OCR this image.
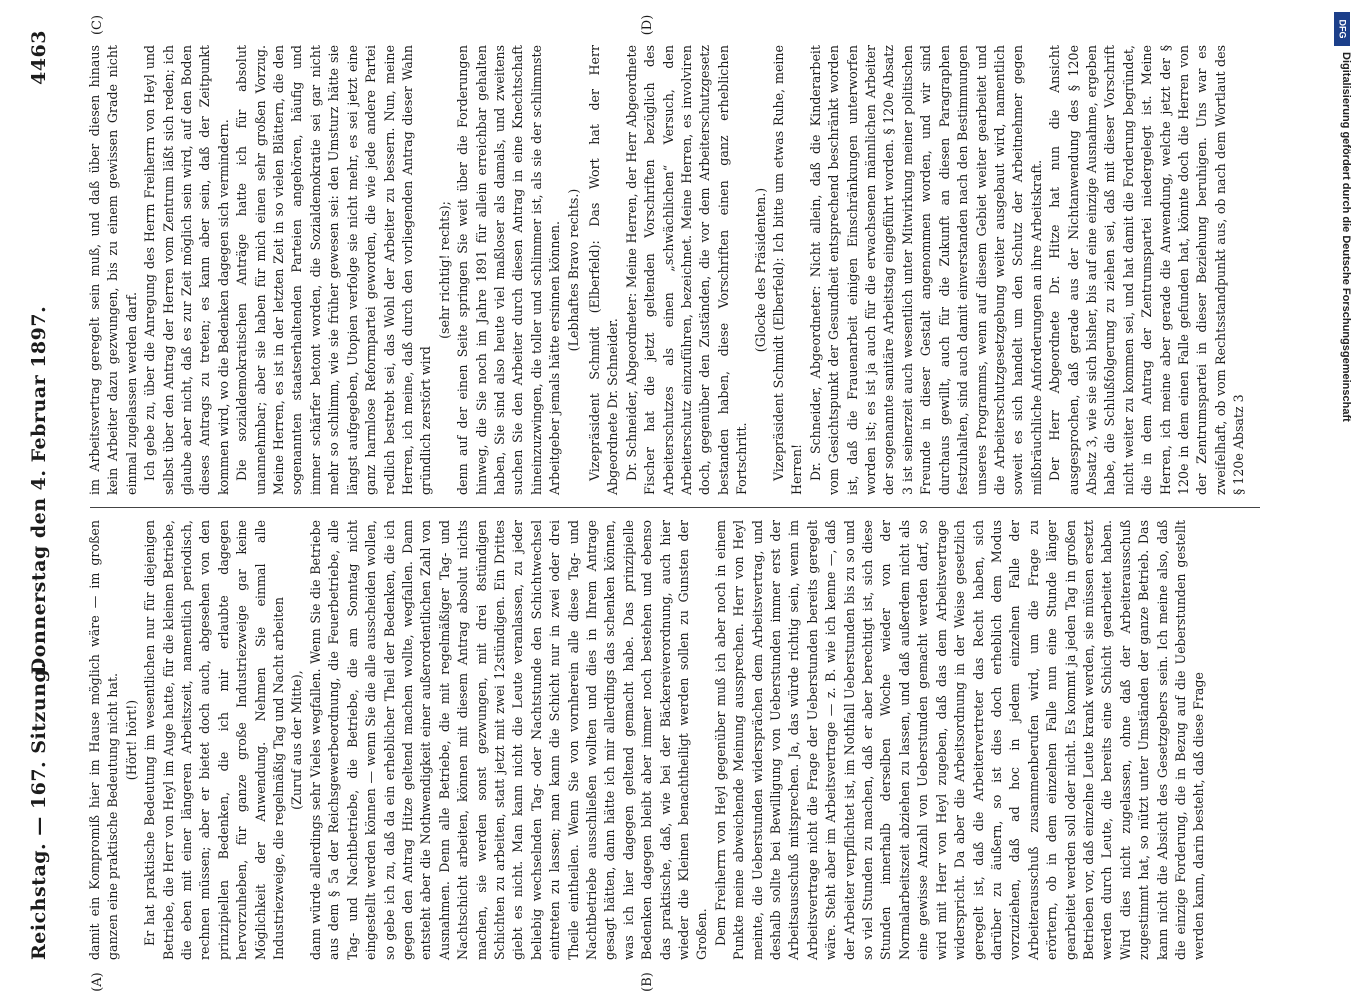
Reichstag. — 167. Sitzung.
Donnerstag den 4. Februar 1897.
4463
(A)	(B)
(C)	(D)

damit ein Kompromiß hier im Hause möglich wäre — im großen ganzen eine praktische Bedeutung nicht hat. (Hört! hört!) Er hat praktische Bedeutung im wesentlichen nur für diejenigen Betriebe, die Herr von Heyl im Auge hatte, für die kleinen Betriebe, die eben mit einer längeren Arbeitszeit, namentlich periodisch, rechnen müssen; aber er bietet doch auch, abgesehen von den prinzipiellen Bedenken, die ich mir erlaubte dagegen hervorzuheben, für ganze große Industriezweige gar keine Möglichkeit der Anwendung. Nehmen Sie einmal alle Industriezweige, die regelmäßig Tag und Nacht arbeiten (Zuruf aus der Mitte), dann würde allerdings sehr Vieles wegfallen. Wenn Sie die Betriebe aus dem § 5a der Reichsgewerbeordnung, die Feuerbetriebe, alle Tag- und Nachtbetriebe, die Betriebe, die am Sonntag nicht eingestellt werden können — wenn Sie die alle ausscheiden wollen, so gebe ich zu, daß da ein erheblicher Theil der Bedenken, die ich gegen den Antrag Hitze geltend machen wollte, wegfallen. Dann entsteht aber die Nothwendigkeit einer außerordentlichen Zahl von Ausnahmen. Denn alle Betriebe, die mit regelmäßiger Tag- und Nachtschicht arbeiten, können mit diesem Antrag absolut nichts machen, sie werden sonst gezwungen, mit drei 8stündigen Schichten zu arbeiten, statt jetzt mit zwei 12stündigen. Ein Drittes giebt es nicht. Man kann nicht die Leute veranlassen, zu jeder beliebig wechselnden Tag- oder Nachtstunde den Schichtwechsel eintreten zu lassen; man kann die Schicht nur in zwei oder drei Theile eintheilen. Wenn Sie von vornherein alle diese Tag- und Nachtbetriebe ausschließen wollten und dies in Ihrem Antrage gesagt hätten, dann hätte ich mir allerdings das schenken können, was ich hier dagegen geltend gemacht habe. Das prinzipielle Bedenken dagegen bleibt aber immer noch bestehen und ebenso das praktische, daß, wie bei der Bäckereiverordnung, auch hier wieder die Kleinen benachtheiligt werden sollen zu Gunsten der Großen. Dem Freiherrn von Heyl gegenüber muß ich aber noch in einem Punkte meine abweichende Meinung aussprechen. Herr von Heyl meinte, die Ueberstunden widersprächen dem Arbeitsvertrag, und deshalb sollte bei Bewilligung von Ueberstunden immer erst der Arbeitsausschuß mitsprechen. Ja, das würde richtig sein, wenn im Arbeitsvertrage nicht die Frage der Ueberstunden bereits geregelt wäre. Steht aber im Arbeitsvertrage — z. B. wie ich kenne —, daß der Arbeiter verpflichtet ist, im Nothfall Ueberstunden bis zu so und so viel Stunden zu machen, daß er aber berechtigt ist, sich diese Stunden innerhalb derselben Woche wieder von der Normalarbeitszeit abziehen zu lassen, und daß außerdem nicht als eine gewisse Anzahl von Ueberstunden gemacht werden darf, so wird mit Herr von Heyl zugeben, daß das dem Arbeitsvertrage widerspricht. Da aber die Arbeitsordnung in der Weise gesetzlich geregelt ist, daß die Arbeitervertreter das Recht haben, sich darüber zu äußern, so ist dies doch erheblich dem Modus vorzuziehen, daß ad hoc in jedem einzelnen Falle der Arbeiterausschuß zusammenberufen wird, um die Frage zu erörtern, ob in dem einzelnen Falle nun eine Stunde länger gearbeitet werden soll oder nicht. Es kommt ja jeden Tag in großen Betrieben vor, daß einzelne Leute krank werden, sie müssen ersetzt werden durch Leute, die bereits eine Schicht gearbeitet haben. Wird dies nicht zugelassen, ohne daß der Arbeiterausschuß zugestimmt hat, so nützt unter Umständen der ganze Betrieb. Das kann nicht die Absicht des Gesetzgebers sein. Ich meine also, daß die einzige Forderung, die in Bezug auf die Ueberstunden gestellt werden kann, darin besteht, daß diese Frage

im Arbeitsvertrag geregelt sein muß, und daß über diesen hinaus kein Arbeiter dazu gezwungen, bis zu einem gewissen Grade nicht einmal zugelassen werden darf. Ich gebe zu, über die Anregung des Herrn Freiherrn von Heyl und selbst über den Antrag der Herren vom Zentrum läßt sich reden; ich glaube aber nicht, daß es zur Zeit möglich sein wird, auf den Boden dieses Antrags zu treten; es kann aber sein, daß der Zeitpunkt kommen wird, wo die Bedenken dagegen sich vermindern. Die sozialdemokratischen Anträge hatte ich für absolut unannehmbar; aber sie haben für mich einen sehr großen Vorzug. Meine Herren, es ist in der letzten Zeit in so vielen Blättern, die den sogenannten staatserhaltenden Parteien angehören, häufig und immer schärfer betont worden, die Sozialdemokratie sei gar nicht mehr so schlimm, wie sie früher gewesen sei: den Umsturz hätte sie längst aufgegeben, Utopien verfolge sie nicht mehr, es sei jetzt eine ganz harmlose Reformpartei geworden, die wie jede andere Partei redlich bestrebt sei, das Wohl der Arbeiter zu bessern. Nun, meine Herren, ich meine, daß durch den vorliegenden Antrag dieser Wahn gründlich zerstört wird

(sehr richtig! rechts); denn auf der einen Seite springen Sie weit über die Forderungen hinweg, die Sie noch im Jahre 1891 für allein erreichbar gehalten haben, Sie sind also heute viel maßloser als damals, und zweitens suchen Sie den Arbeiter durch diesen Antrag in eine Knechtschaft hineinzuzwingen, die toller und schlimmer ist, als sie der schlimmste Arbeitgeber jemals hätte ersinnen können. (Lebhaftes Bravo rechts.) Vizepräsident Schmidt (Elberfeld): Das Wort hat der Herr Abgeordnete Dr. Schneider. Dr. Schneider, Abgeordneter: Meine Herren, der Herr Abgeordnete Fischer hat die jetzt geltenden Vorschriften bezüglich des Arbeiterschutzes als einen „schwächlichen“ Versuch, den Arbeiterschutz einzuführen, bezeichnet. Meine Herren, es involviren doch, gegenüber den Zuständen, die vor dem Arbeiterschutzgesetz bestanden haben, diese Vorschriften einen ganz erheblichen Fortschritt.

(Glocke des Präsidenten.) Vizepräsident Schmidt (Elberfeld): Ich bitte um etwas Ruhe, meine Herren! Dr. Schneider, Abgeordneter: Nicht allein, daß die Kinderarbeit vom Gesichtspunkt der Gesundheit entsprechend beschränkt worden ist, daß die Frauenarbeit einigen Einschränkungen unterworfen worden ist; es ist ja auch für die erwachsenen männlichen Arbeiter der sogenannte sanitäre Arbeitstag eingeführt worden. § 120e Absatz 3 ist seinerzeit auch wesentlich unter Mitwirkung meiner politischen Freunde in dieser Gestalt angenommen worden, und wir sind durchaus gewillt, auch für die Zukunft an diesen Paragraphen festzuhalten, sind auch damit einverstanden nach den Bestimmungen unseres Programms, wenn auf diesem Gebiet weiter gearbeitet und die Arbeiterschutzgesetzgebung weiter ausgebaut wird, namentlich soweit es sich handelt um den Schutz der Arbeitnehmer gegen mißbräuchliche Anforderungen an ihre Arbeitskraft. Der Herr Abgeordnete Dr. Hitze hat nun die Ansicht ausgesprochen, daß gerade aus der Nichtanwendung des § 120e Absatz 3, wie sie sich bisher, bis auf eine einzige Ausnahme, ergeben habe, die Schlußfolgerung zu ziehen sei, daß mit dieser Vorschrift nicht weiter zu kommen sei, und hat damit die Forderung begründet, die in dem Antrag der Zentrumspartei niedergelegt ist. Meine Herren, ich meine aber gerade die Anwendung, welche jetzt der § 120e in dem einen Falle gefunden hat, könnte doch die Herren von der Zentrumspartei in dieser Beziehung beruhigen. Uns war es zweifelhaft, ob vom Rechtsstandpunkt aus, ob nach dem Wortlaut des § 120e Absatz 3

DFG
Digitalisierung gefördert durch die Deutsche Forschungsgemeinschaft
